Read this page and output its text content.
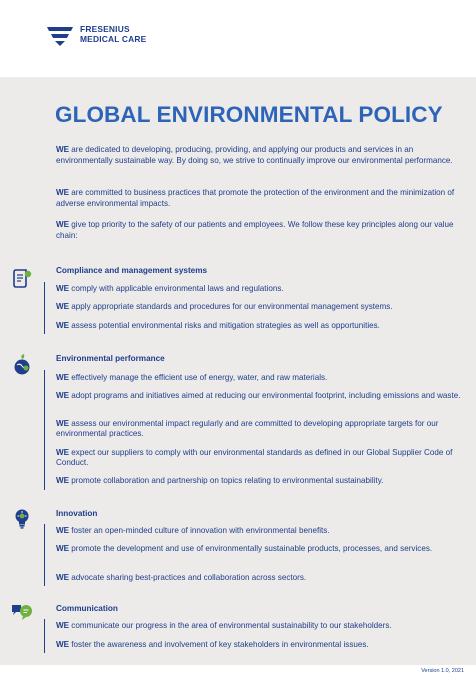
FRESENIUS
MEDICAL CARE
GLOBAL ENVIRONMENTAL POLICY
WE are dedicated to developing, producing, providing, and applying our products and services in an environmentally sustainable way. By doing so, we strive to continually improve our environmental performance.
WE are committed to business practices that promote the protection of the environment and the minimization of adverse environmental impacts.
WE give top priority to the safety of our patients and employees. We follow these key principles along our value chain:
Compliance and management systems
WE comply with applicable environmental laws and regulations.
WE apply appropriate standards and procedures for our environmental management systems.
WE assess potential environmental risks and mitigation strategies as well as opportunities.
Environmental performance
WE effectively manage the efficient use of energy, water, and raw materials.
WE adopt programs and initiatives aimed at reducing our environmental footprint, including emissions and waste.
WE assess our environmental impact regularly and are committed to developing appropriate targets for our environmental practices.
WE expect our suppliers to comply with our environmental standards as defined in our Global Supplier Code of Conduct.
WE promote collaboration and partnership on topics relating to environmental sustainability.
Innovation
WE foster an open-minded culture of innovation with environmental benefits.
WE promote the development and use of environmentally sustainable products, processes, and services.
WE advocate sharing best-practices and collaboration across sectors.
Communication
WE communicate our progress in the area of environmental sustainability to our stakeholders.
WE foster the awareness and involvement of key stakeholders in environmental issues.
Version 1.0, 2021
